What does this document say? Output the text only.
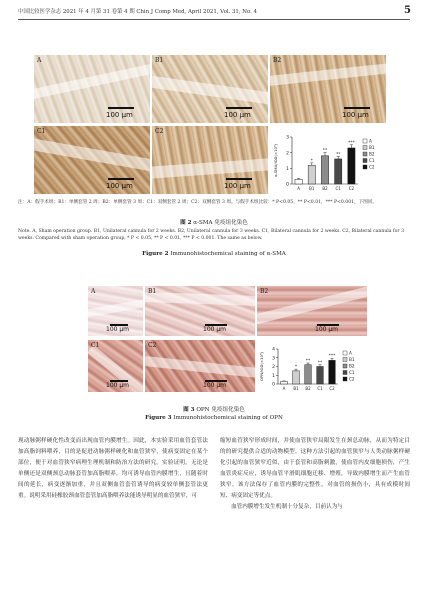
中国比较医学杂志 2021 年 4 月第 31 卷第 4 期 Chin J Comp Med, April 2021, Vol. 31, No. 4	5
A
100 μm
B1
100 μm
B2
100 μm
C1
100 μm
C2
100 μm	0
1
2
3
α-SMA/IOD(×10⁸)
A
*
B1
**
B2
**
C1
***
C2
A
B1
B2
C1
C2
注：A：假手术组；B1：单侧套管 2 周；B2：单侧套管 3 周；C1：双侧套管 2 周；C2：双侧套管 3 周。与假手术组比较：* P<0.05，** P<0.01，*** P<0.001，下图同。
图 2 α-SMA 免疫组化染色
Note. A, Sham operation group. B1, Unilateral cannula for 2 weeks. B2, Unilateral cannula for 3 weeks. C1, Bilateral cannula for 2 weeks. C2, Bilateral cannula for 3 weeks. Compared with sham operation group, * P < 0.05, ** P < 0.01, *** P < 0.001. The same as below.
Figure 2 Immunohistochemical staining of α-SMA
A
100 μm
B1
100 μm
B2
100 μm
C1
100 μm
C2
100 μm	0
1
2
3
4
OPN/IOD(×10⁸)
A
*
B1
**
B2
**
C1
***
C2
A
B1
B2
C1
C2
图 3 OPN 免疫组化染色
Figure 3 Immunohistochemical staining of OPN
现动脉粥样硬化性改变而出现血管内膜增生。因此，本实验采用血管套管法加高脂饲料喂养，目的是促进动脉粥样硬化和血管狭窄，使病变固定在某个部位，便于对血管狭窄病理生理机制和防治方法的研究。实验证明，无论是单侧还是双侧颈总动脉套管加高脂喂养，均可诱导血管内膜增生，且随着时间的延长，病变逐渐加重，并且双侧血管套管诱导的病变较单侧套管法更重。说明采用硅橡胶颈血管套管加高脂喂养法能诱导明显的血管狭窄，可
缩短血管狭窄形成时间，并使血管狭窄局限发生在颈总动脉，从而为特定目的的研究提供合适的动物模型。这种方法引起的血管狭窄与人类动脉粥样硬化引起的血管狭窄近似，由于套管和高脂刺激，使血管内皮细胞损伤，产生血管炎症反应，诱导血管平滑肌细胞迁移、增殖，导致内膜增生而产生血管狭窄。该方法保存了血管内膜的完整性，对血管的损伤小，具有成模时间短、病变固定等优点。
血管内膜增生发生机制十分复杂，目前认为与
